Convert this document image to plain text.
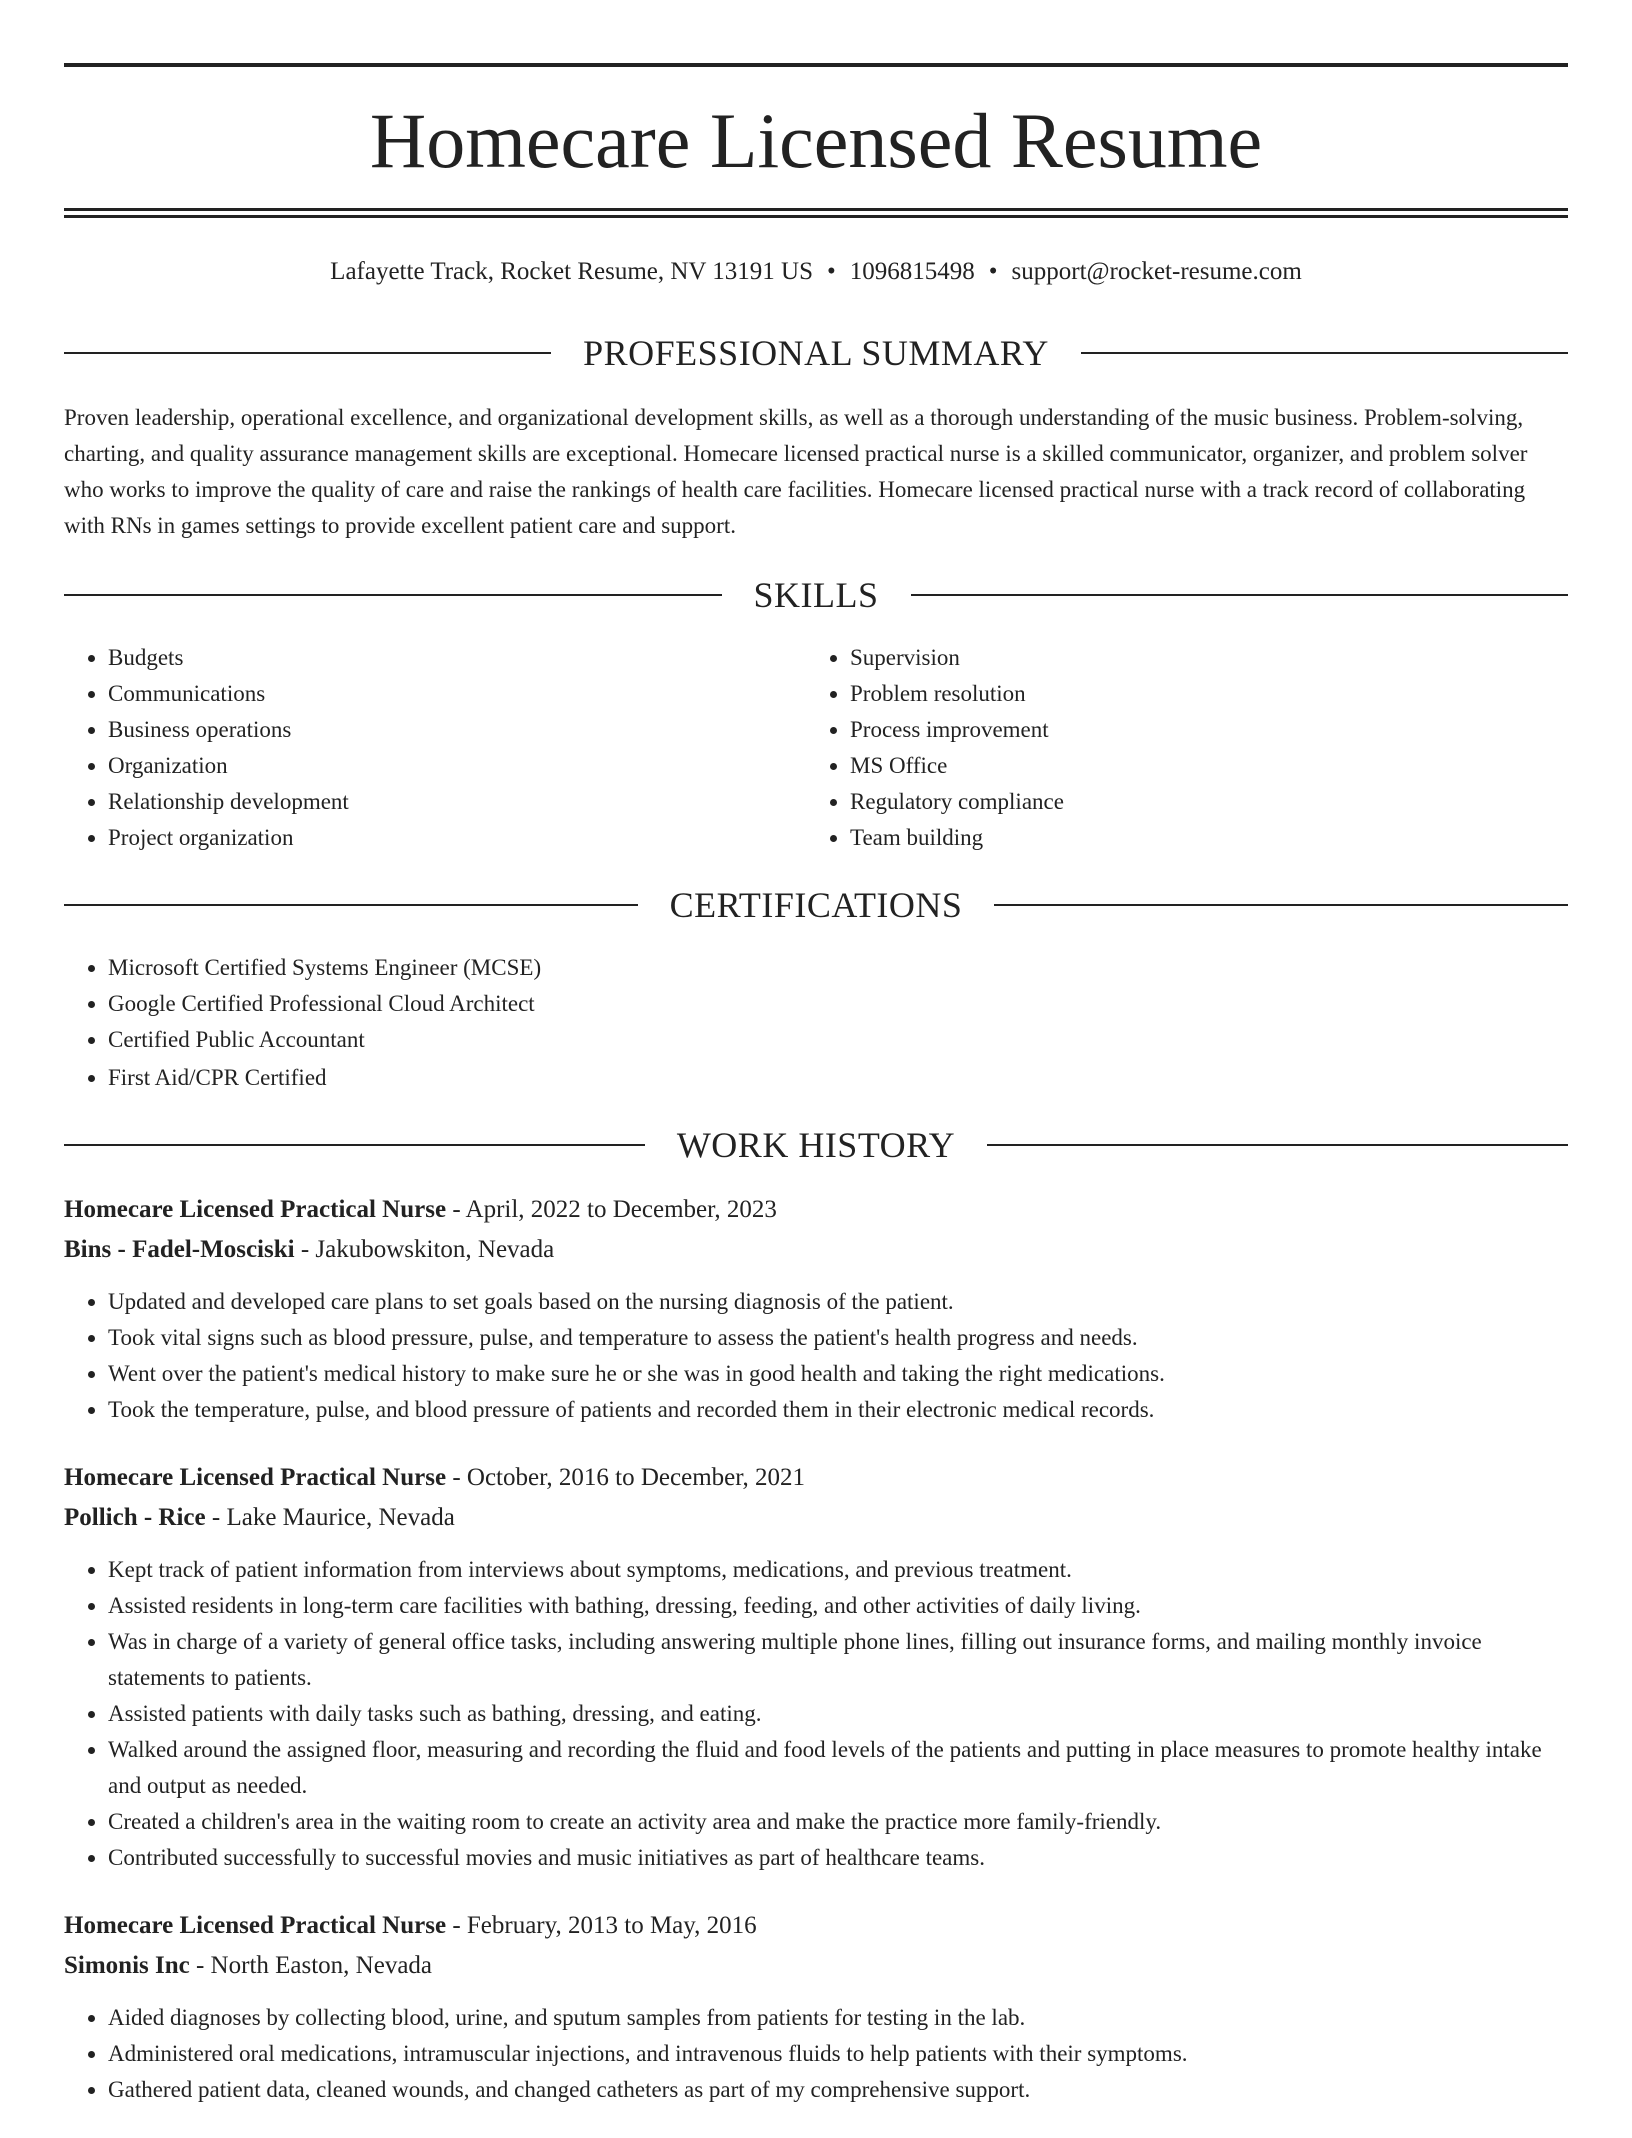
Homecare Licensed Resume
Lafayette Track, Rocket Resume, NV 13191 US • 1096815498 • support@rocket-resume.com
PROFESSIONAL SUMMARY

Proven leadership, operational excellence, and organizational development skills, as well as a thorough understanding of the music business. Problem-solving, charting, and quality assurance management skills are exceptional. Homecare licensed practical nurse is a skilled communicator, organizer, and problem solver who works to improve the quality of care and raise the rankings of health care facilities. Homecare licensed practical nurse with a track record of collaborating with RNs in games settings to provide excellent patient care and support.

SKILLS
• Budgets
• Communications
• Business operations
• Organization
• Relationship development
• Project organization
• Supervision
• Problem resolution
• Process improvement
• MS Office
• Regulatory compliance
• Team building
CERTIFICATIONS
• Microsoft Certified Systems Engineer (MCSE)
• Google Certified Professional Cloud Architect
• Certified Public Accountant
• First Aid/CPR Certified
WORK HISTORY
Homecare Licensed Practical Nurse - April, 2022 to December, 2023
Bins - Fadel-Mosciski - Jakubowskiton, Nevada
• Updated and developed care plans to set goals based on the nursing diagnosis of the patient.
• Took vital signs such as blood pressure, pulse, and temperature to assess the patient's health progress and needs.
• Went over the patient's medical history to make sure he or she was in good health and taking the right medications.
• Took the temperature, pulse, and blood pressure of patients and recorded them in their electronic medical records.
Homecare Licensed Practical Nurse - October, 2016 to December, 2021
Pollich - Rice - Lake Maurice, Nevada
• Kept track of patient information from interviews about symptoms, medications, and previous treatment.
• Assisted residents in long-term care facilities with bathing, dressing, feeding, and other activities of daily living.
• Was in charge of a variety of general office tasks, including answering multiple phone lines, filling out insurance forms, and mailing monthly invoice statements to patients.
• Assisted patients with daily tasks such as bathing, dressing, and eating.
• Walked around the assigned floor, measuring and recording the fluid and food levels of the patients and putting in place measures to promote healthy intake and output as needed.
• Created a children's area in the waiting room to create an activity area and make the practice more family-friendly.
• Contributed successfully to successful movies and music initiatives as part of healthcare teams.
Homecare Licensed Practical Nurse - February, 2013 to May, 2016
Simonis Inc - North Easton, Nevada
• Aided diagnoses by collecting blood, urine, and sputum samples from patients for testing in the lab.
• Administered oral medications, intramuscular injections, and intravenous fluids to help patients with their symptoms.
• Gathered patient data, cleaned wounds, and changed catheters as part of my comprehensive support.
